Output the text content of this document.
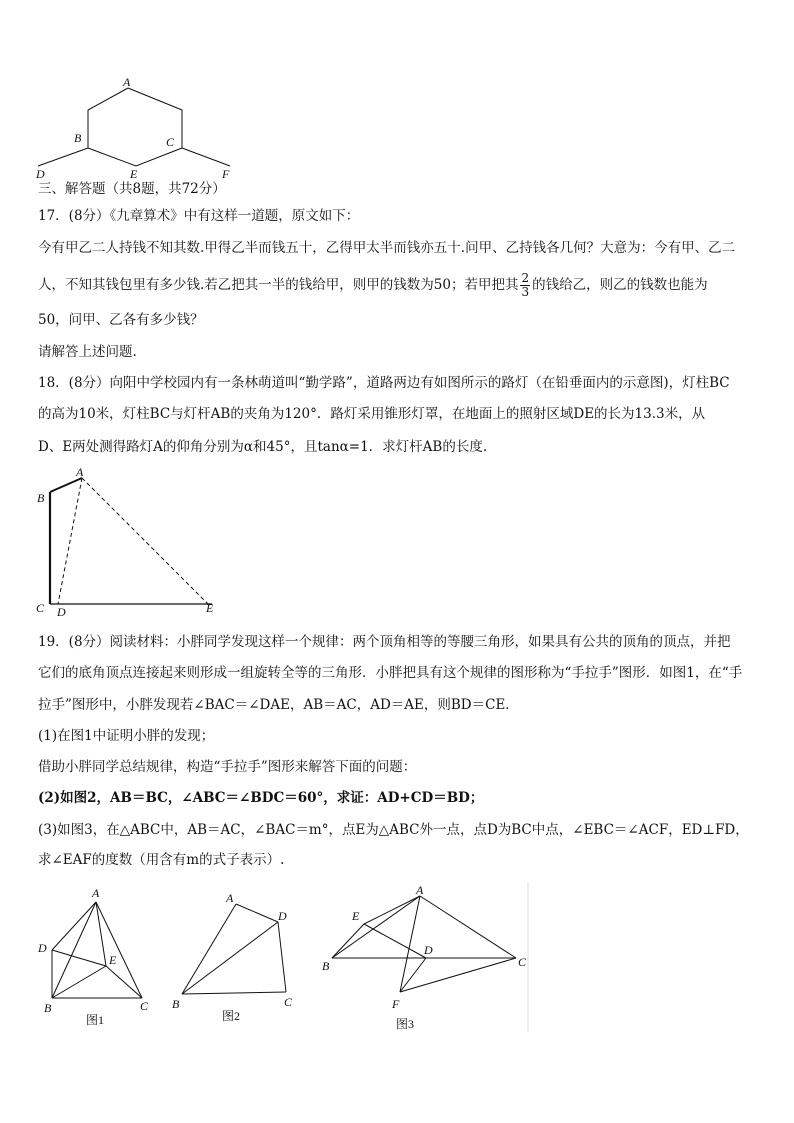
A
B	C
D	E	F
三、解答题（共8题，共72分）
17．(8分）《九章算术》中有这样一道题，原文如下：
今有甲乙二人持钱不知其数.甲得乙半而钱五十，乙得甲太半而钱亦五十.问甲、乙持钱各几何？大意为：今有甲、乙二
人，不知其钱包里有多少钱.若乙把其一半的钱给甲，则甲的钱数为50；若甲把其 $\frac{2}{3}$ 的钱给乙，则乙的钱数也能为
50，问甲、乙各有多少钱？
请解答上述问题.
18．(8分）向阳中学校园内有一条林萌道叫“勤学路”，道路两边有如图所示的路灯（在铅垂面内的示意图)，灯柱BC
的高为10米，灯柱BC与灯杆AB的夹角为120°．路灯采用锥形灯罩，在地面上的照射区域DE的长为13.3米，从
D、E两处测得路灯A的仰角分别为α和45°，且tanα=1．求灯杆AB的长度.
A
B
C D	E
19．(8分）阅读材料：小胖同学发现这样一个规律：两个顶角相等的等腰三角形，如果具有公共的顶角的顶点，并把
它们的底角顶点连接起来则形成一组旋转全等的三角形．小胖把具有这个规律的图形称为“手拉手”图形．如图1，在“手
拉手”图形中，小胖发现若∠BAC＝∠DAE，AB＝AC，AD＝AE，则BD＝CE．
(1)在图1中证明小胖的发现；
借助小胖同学总结规律，构造“手拉手”图形来解答下面的问题：
(2)如图2，AB＝BC，∠ABC＝∠BDC＝60°，求证：AD+CD＝BD；
(3)如图3，在△ABC中，AB＝AC，∠BAC＝m°，点E为△ABC外一点，点D为BC中点，∠EBC＝∠ACF，ED⊥FD，
求∠EAF的度数（用含有m的式子表示）.
A
D
E
B	C
图1
A
D
B	C
图2
A
E
D
B	C
F
图3
